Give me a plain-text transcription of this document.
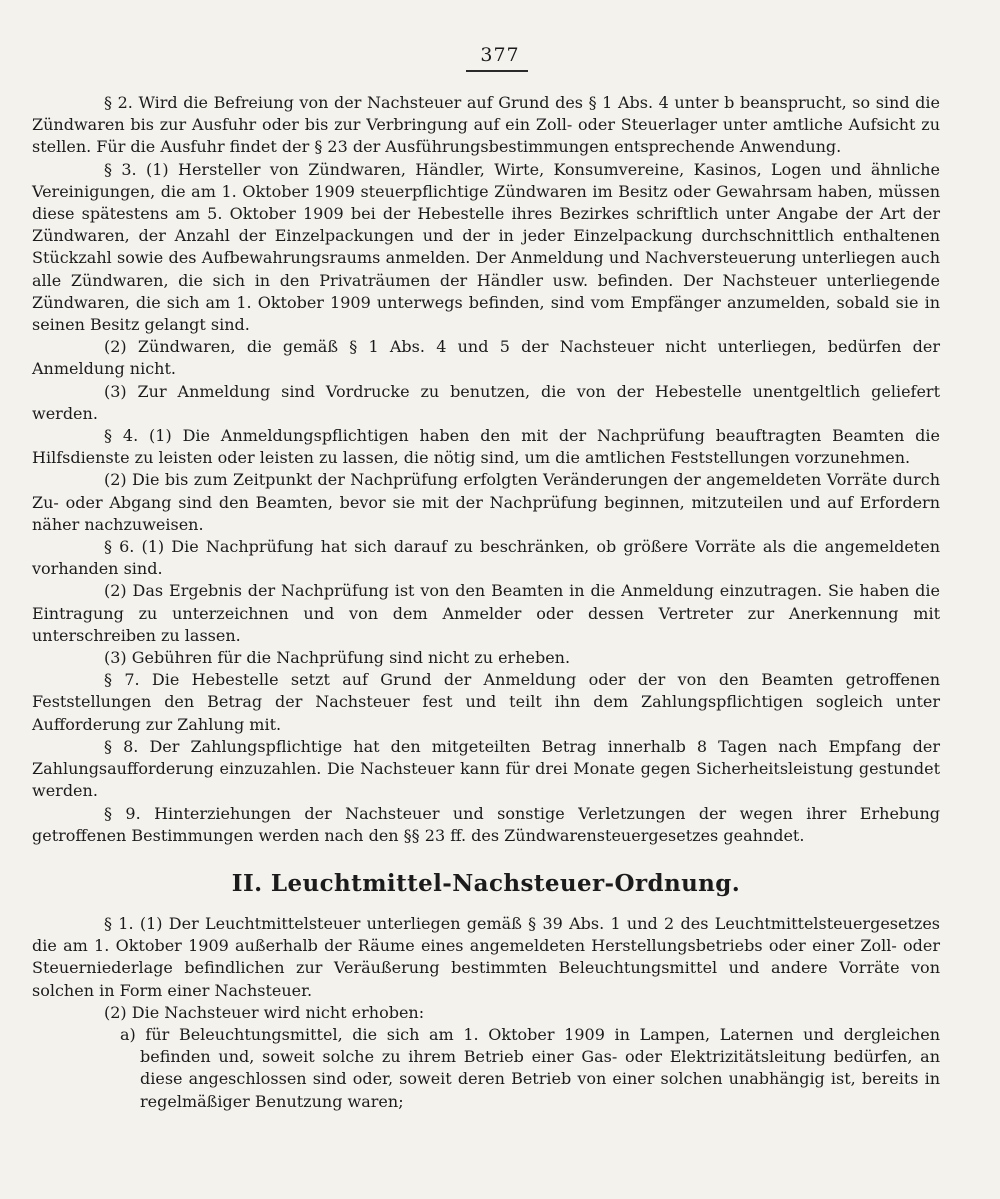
377

§ 2. Wird die Befreiung von der Nachsteuer auf Grund des § 1 Abs. 4 unter b beansprucht, so sind die Zündwaren bis zur Ausfuhr oder bis zur Verbringung auf ein Zoll- oder Steuerlager unter amtliche Aufsicht zu stellen. Für die Ausfuhr findet der § 23 der Ausführungsbestimmungen entsprechende Anwendung.

§ 3. (1) Hersteller von Zündwaren, Händler, Wirte, Konsumvereine, Kasinos, Logen und ähnliche Vereinigungen, die am 1. Oktober 1909 steuerpflichtige Zündwaren im Besitz oder Gewahrsam haben, müssen diese spätestens am 5. Oktober 1909 bei der Hebestelle ihres Bezirkes schriftlich unter Angabe der Art der Zündwaren, der Anzahl der Einzelpackungen und der in jeder Einzelpackung durchschnittlich enthaltenen Stückzahl sowie des Aufbewahrungsraums anmelden. Der Anmeldung und Nachversteuerung unterliegen auch alle Zündwaren, die sich in den Privaträumen der Händler usw. befinden. Der Nachsteuer unterliegende Zündwaren, die sich am 1. Oktober 1909 unterwegs befinden, sind vom Empfänger anzumelden, sobald sie in seinen Besitz gelangt sind.

(2) Zündwaren, die gemäß § 1 Abs. 4 und 5 der Nachsteuer nicht unterliegen, bedürfen der Anmeldung nicht.

(3) Zur Anmeldung sind Vordrucke zu benutzen, die von der Hebestelle unentgeltlich geliefert werden.

§ 4. (1) Die Anmeldungspflichtigen haben den mit der Nachprüfung beauftragten Beamten die Hilfsdienste zu leisten oder leisten zu lassen, die nötig sind, um die amtlichen Feststellungen vorzunehmen.

(2) Die bis zum Zeitpunkt der Nachprüfung erfolgten Veränderungen der angemeldeten Vorräte durch Zu- oder Abgang sind den Beamten, bevor sie mit der Nachprüfung beginnen, mitzuteilen und auf Erfordern näher nachzuweisen.

§ 6. (1) Die Nachprüfung hat sich darauf zu beschränken, ob größere Vorräte als die angemeldeten vorhanden sind.

(2) Das Ergebnis der Nachprüfung ist von den Beamten in die Anmeldung einzutragen. Sie haben die Eintragung zu unterzeichnen und von dem Anmelder oder dessen Vertreter zur Anerkennung mit unterschreiben zu lassen.

(3) Gebühren für die Nachprüfung sind nicht zu erheben.

§ 7. Die Hebestelle setzt auf Grund der Anmeldung oder der von den Beamten getroffenen Feststellungen den Betrag der Nachsteuer fest und teilt ihn dem Zahlungspflichtigen sogleich unter Aufforderung zur Zahlung mit.

§ 8. Der Zahlungspflichtige hat den mitgeteilten Betrag innerhalb 8 Tagen nach Empfang der Zahlungsaufforderung einzuzahlen. Die Nachsteuer kann für drei Monate gegen Sicherheitsleistung gestundet werden.

§ 9. Hinterziehungen der Nachsteuer und sonstige Verletzungen der wegen ihrer Erhebung getroffenen Bestimmungen werden nach den §§ 23 ff. des Zündwarensteuergesetzes geahndet.

II. Leuchtmittel-Nachsteuer-Ordnung.

§ 1. (1) Der Leuchtmittelsteuer unterliegen gemäß § 39 Abs. 1 und 2 des Leuchtmittelsteuergesetzes die am 1. Oktober 1909 außerhalb der Räume eines angemeldeten Herstellungsbetriebs oder einer Zoll- oder Steuerniederlage befindlichen zur Veräußerung bestimmten Beleuchtungsmittel und andere Vorräte von solchen in Form einer Nachsteuer.

(2) Die Nachsteuer wird nicht erhoben:

a) für Beleuchtungsmittel, die sich am 1. Oktober 1909 in Lampen, Laternen und dergleichen befinden und, soweit solche zu ihrem Betrieb einer Gas- oder Elektrizitätsleitung bedürfen, an diese angeschlossen sind oder, soweit deren Betrieb von einer solchen unabhängig ist, bereits in regelmäßiger Benutzung waren;
